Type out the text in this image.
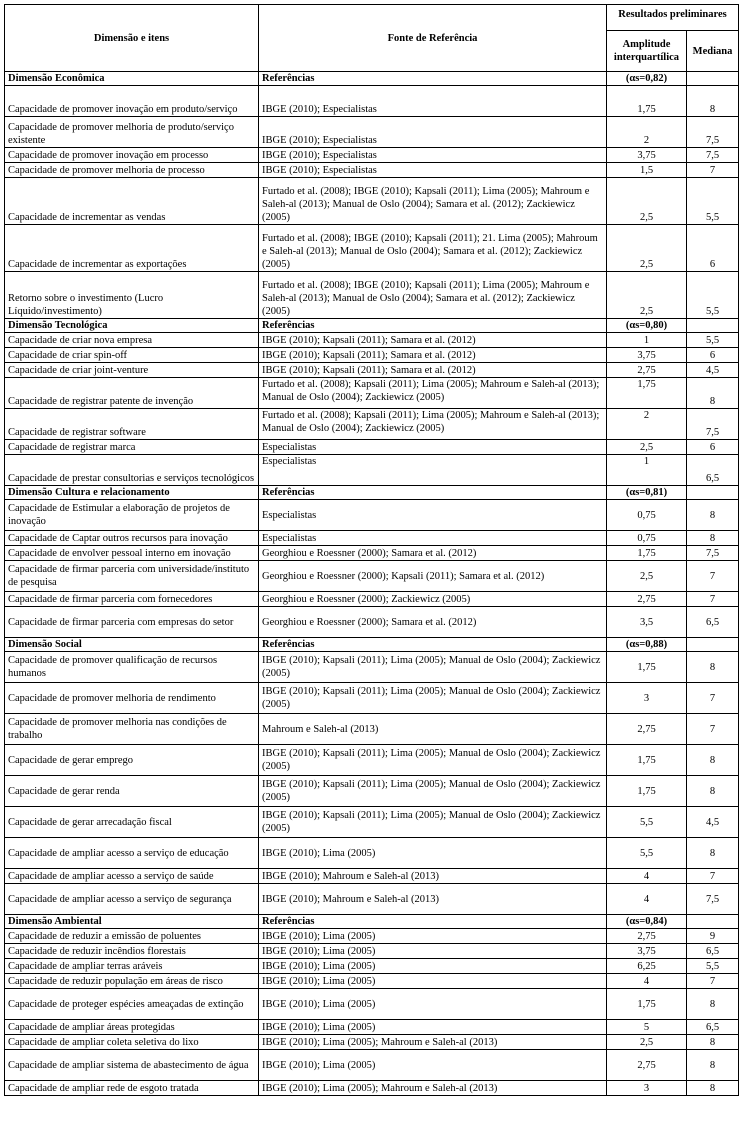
Dimensão e itens	Fonte de Referência	Resultados preliminares	
		Amplitude interquartílica	Mediana
Dimensão Econômica	Referências	(αs=0,82)	
Capacidade de promover inovação em produto/serviço	IBGE (2010); Especialistas	1,75	8
Capacidade de promover melhoria de produto/serviço existente	IBGE (2010); Especialistas	2	7,5
Capacidade de promover inovação em processo	IBGE (2010); Especialistas	3,75	7,5
Capacidade de promover melhoria de processo	IBGE (2010); Especialistas	1,5	7
Capacidade de incrementar as vendas	Furtado et al. (2008); IBGE (2010); Kapsali (2011); Lima (2005); Mahroum e Saleh-al (2013); Manual de Oslo (2004); Samara et al. (2012); Zackiewicz (2005)	2,5	5,5
Capacidade de incrementar as exportações	Furtado et al. (2008); IBGE (2010); Kapsali (2011); 21. Lima (2005); Mahroum e Saleh-al (2013); Manual de Oslo (2004); Samara et al. (2012); Zackiewicz (2005)	2,5	6
Retorno sobre o investimento (Lucro Líquido/investimento)	Furtado et al. (2008); IBGE (2010); Kapsali (2011); Lima (2005); Mahroum e Saleh-al (2013); Manual de Oslo (2004); Samara et al. (2012); Zackiewicz (2005)	2,5	5,5
Dimensão Tecnológica	Referências	(αs=0,80)	
Capacidade de criar nova empresa	IBGE (2010); Kapsali (2011); Samara et al. (2012)	1	5,5
Capacidade de criar spin-off	IBGE (2010); Kapsali (2011); Samara et al. (2012)	3,75	6
Capacidade de criar joint-venture	IBGE (2010); Kapsali (2011); Samara et al. (2012)	2,75	4,5
Capacidade de registrar patente de invenção	Furtado et al. (2008); Kapsali (2011); Lima (2005); Mahroum e Saleh-al (2013); Manual de Oslo (2004); Zackiewicz (2005)	1,75	8
Capacidade de registrar software	Furtado et al. (2008); Kapsali (2011); Lima (2005); Mahroum e Saleh-al (2013); Manual de Oslo (2004); Zackiewicz (2005)	2	7,5
Capacidade de registrar marca	Especialistas	2,5	6
Capacidade de prestar consultorias e serviços tecnológicos	Especialistas	1	6,5
Dimensão Cultura e relacionamento	Referências	(αs=0,81)	
Capacidade de Estimular a elaboração de projetos de inovação	Especialistas	0,75	8
Capacidade de Captar outros recursos para inovação	Especialistas	0,75	8
Capacidade de envolver pessoal interno em inovação	Georghiou e Roessner (2000); Samara et al. (2012)	1,75	7,5
Capacidade de firmar parceria com universidade/instituto de pesquisa	Georghiou e Roessner (2000); Kapsali (2011); Samara et al. (2012)	2,5	7
Capacidade de firmar parceria com fornecedores	Georghiou e Roessner (2000); Zackiewicz (2005)	2,75	7
Capacidade de firmar parceria com empresas do setor	Georghiou e Roessner (2000); Samara et al. (2012)	3,5	6,5
Dimensão Social	Referências	(αs=0,88)	
Capacidade de promover qualificação de recursos humanos	IBGE (2010); Kapsali (2011); Lima (2005); Manual de Oslo (2004); Zackiewicz (2005)	1,75	8
Capacidade de promover melhoria de rendimento	IBGE (2010); Kapsali (2011); Lima (2005); Manual de Oslo (2004); Zackiewicz (2005)	3	7
Capacidade de promover melhoria nas condições de trabalho	Mahroum e Saleh-al (2013)	2,75	7
Capacidade de gerar emprego	IBGE (2010); Kapsali (2011); Lima (2005); Manual de Oslo (2004); Zackiewicz (2005)	1,75	8
Capacidade de gerar renda	IBGE (2010); Kapsali (2011); Lima (2005); Manual de Oslo (2004); Zackiewicz (2005)	1,75	8
Capacidade de gerar arrecadação fiscal	IBGE (2010); Kapsali (2011); Lima (2005); Manual de Oslo (2004); Zackiewicz (2005)	5,5	4,5
Capacidade de ampliar acesso a serviço de educação	IBGE (2010); Lima (2005)	5,5	8
Capacidade de ampliar acesso a serviço de saúde	IBGE (2010); Mahroum e Saleh-al (2013)	4	7
Capacidade de ampliar acesso a serviço de segurança	IBGE (2010); Mahroum e Saleh-al (2013)	4	7,5
Dimensão Ambiental	Referências	(αs=0,84)	
Capacidade de reduzir a emissão de poluentes	IBGE (2010); Lima (2005)	2,75	9
Capacidade de reduzir incêndios florestais	IBGE (2010); Lima (2005)	3,75	6,5
Capacidade de ampliar terras aráveis	IBGE (2010); Lima (2005)	6,25	5,5
Capacidade de reduzir população em áreas de risco	IBGE (2010); Lima (2005)	4	7
Capacidade de proteger espécies ameaçadas de extinção	IBGE (2010); Lima (2005)	1,75	8
Capacidade de ampliar áreas protegidas	IBGE (2010); Lima (2005)	5	6,5
Capacidade de ampliar coleta seletiva do lixo	IBGE (2010); Lima (2005); Mahroum e Saleh-al (2013)	2,5	8
Capacidade de ampliar sistema de abastecimento de água	IBGE (2010); Lima (2005)	2,75	8
Capacidade de ampliar rede de esgoto tratada	IBGE (2010); Lima (2005); Mahroum e Saleh-al (2013)	3	8
